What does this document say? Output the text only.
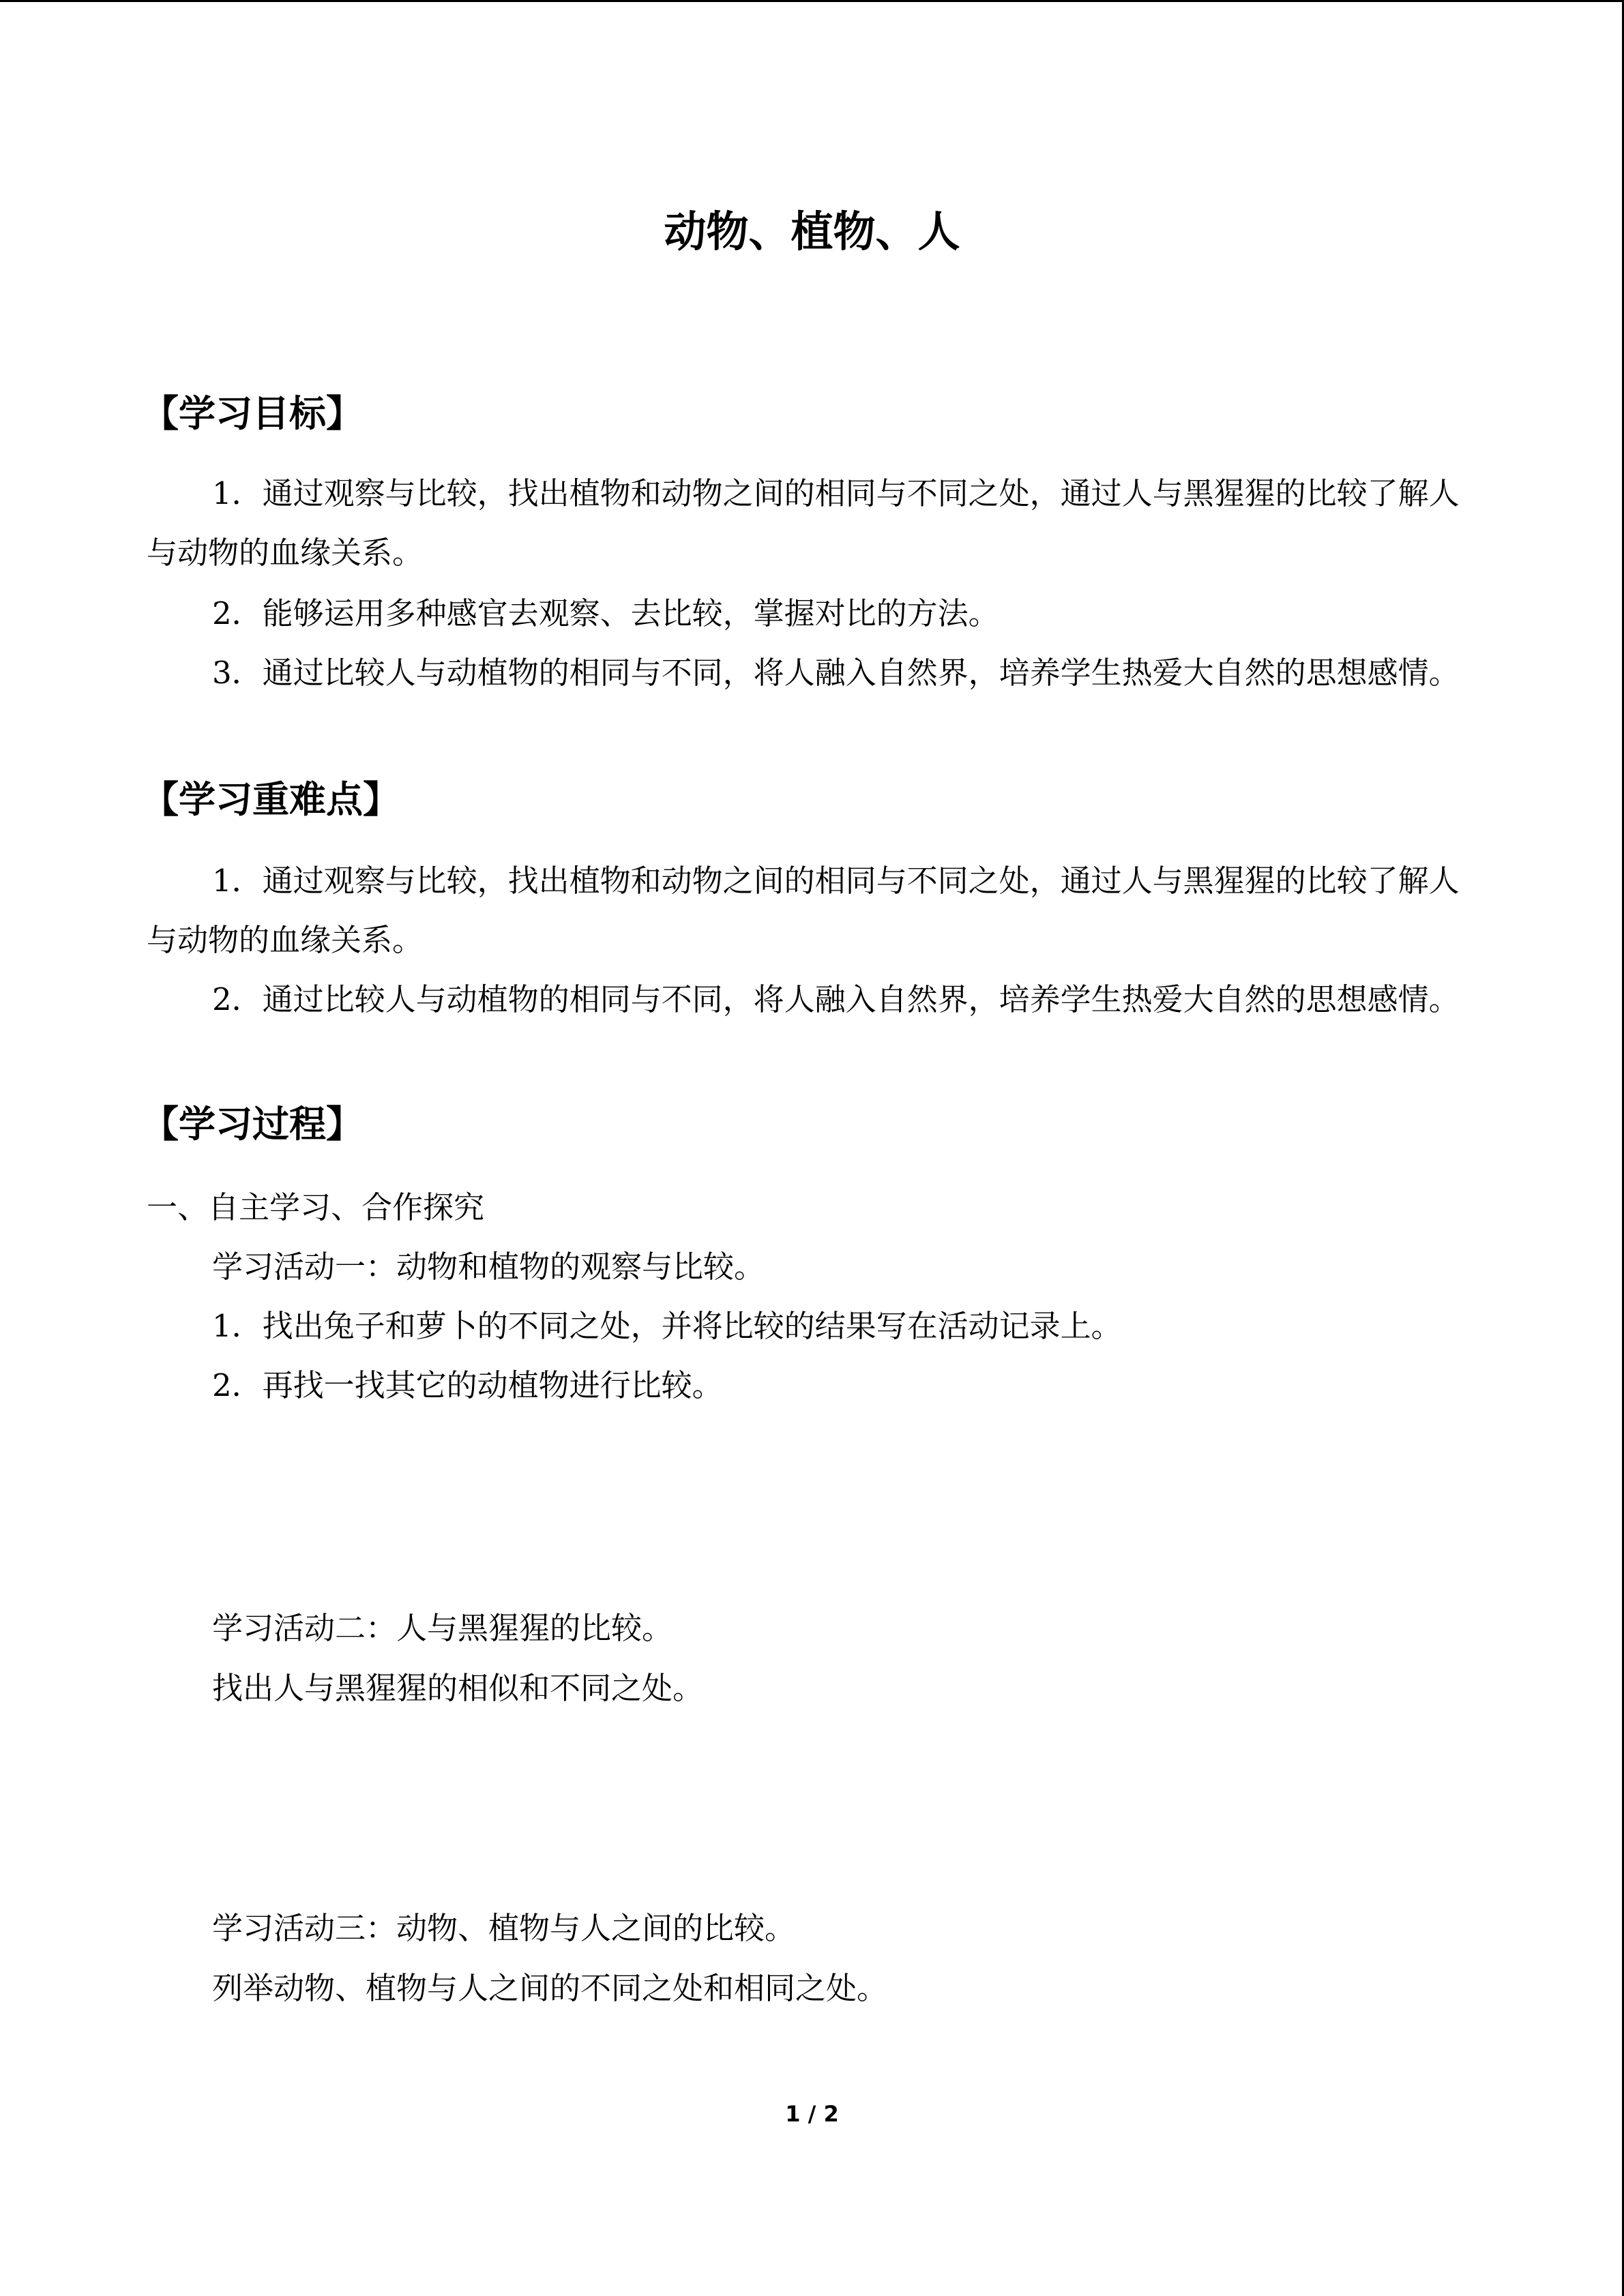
动物、植物、人
【学习目标】

1．通过观察与比较，找出植物和动物之间的相同与不同之处，通过人与黑猩猩的比较了解人与动物的血缘关系。

2．能够运用多种感官去观察、去比较，掌握对比的方法。

3．通过比较人与动植物的相同与不同，将人融入自然界，培养学生热爱大自然的思想感情。

【学习重难点】

1．通过观察与比较，找出植物和动物之间的相同与不同之处，通过人与黑猩猩的比较了解人与动物的血缘关系。

2．通过比较人与动植物的相同与不同，将人融入自然界，培养学生热爱大自然的思想感情。

【学习过程】
一、自主学习、合作探究
学习活动一：动物和植物的观察与比较。
1．找出兔子和萝卜的不同之处，并将比较的结果写在活动记录上。
2．再找一找其它的动植物进行比较。
学习活动二：人与黑猩猩的比较。
找出人与黑猩猩的相似和不同之处。
学习活动三：动物、植物与人之间的比较。
列举动物、植物与人之间的不同之处和相同之处。
1 / 2
